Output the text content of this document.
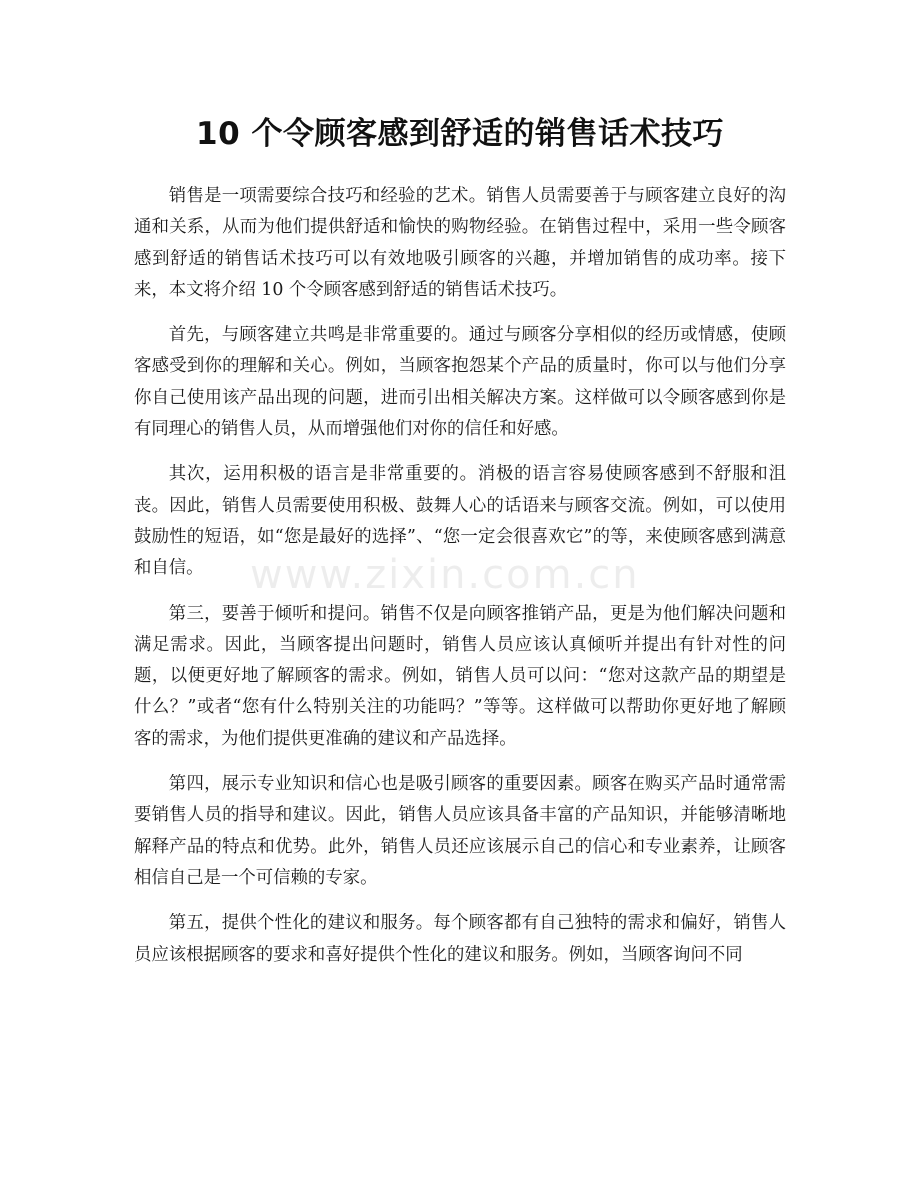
10 个令顾客感到舒适的销售话术技巧

销售是一项需要综合技巧和经验的艺术。销售人员需要善于与顾客建立良好的沟通和关系，从而为他们提供舒适和愉快的购物经验。在销售过程中，采用一些令顾客感到舒适的销售话术技巧可以有效地吸引顾客的兴趣，并增加销售的成功率。接下来，本文将介绍 10 个令顾客感到舒适的销售话术技巧。

首先，与顾客建立共鸣是非常重要的。通过与顾客分享相似的经历或情感，使顾客感受到你的理解和关心。例如，当顾客抱怨某个产品的质量时，你可以与他们分享你自己使用该产品出现的问题，进而引出相关解决方案。这样做可以令顾客感到你是有同理心的销售人员，从而增强他们对你的信任和好感。

其次，运用积极的语言是非常重要的。消极的语言容易使顾客感到不舒服和沮丧。因此，销售人员需要使用积极、鼓舞人心的话语来与顾客交流。例如，可以使用鼓励性的短语，如“您是最好的选择”、“您一定会很喜欢它”的等，来使顾客感到满意和自信。

第三，要善于倾听和提问。销售不仅是向顾客推销产品，更是为他们解决问题和满足需求。因此，当顾客提出问题时，销售人员应该认真倾听并提出有针对性的问题，以便更好地了解顾客的需求。例如，销售人员可以问：“您对这款产品的期望是什么？”或者“您有什么特别关注的功能吗？”等等。这样做可以帮助你更好地了解顾客的需求，为他们提供更准确的建议和产品选择。

第四，展示专业知识和信心也是吸引顾客的重要因素。顾客在购买产品时通常需要销售人员的指导和建议。因此，销售人员应该具备丰富的产品知识，并能够清晰地解释产品的特点和优势。此外，销售人员还应该展示自己的信心和专业素养，让顾客相信自己是一个可信赖的专家。

第五，提供个性化的建议和服务。每个顾客都有自己独特的需求和偏好，销售人员应该根据顾客的要求和喜好提供个性化的建议和服务。例如，当顾客询问不同

www.zixin.com.cn
